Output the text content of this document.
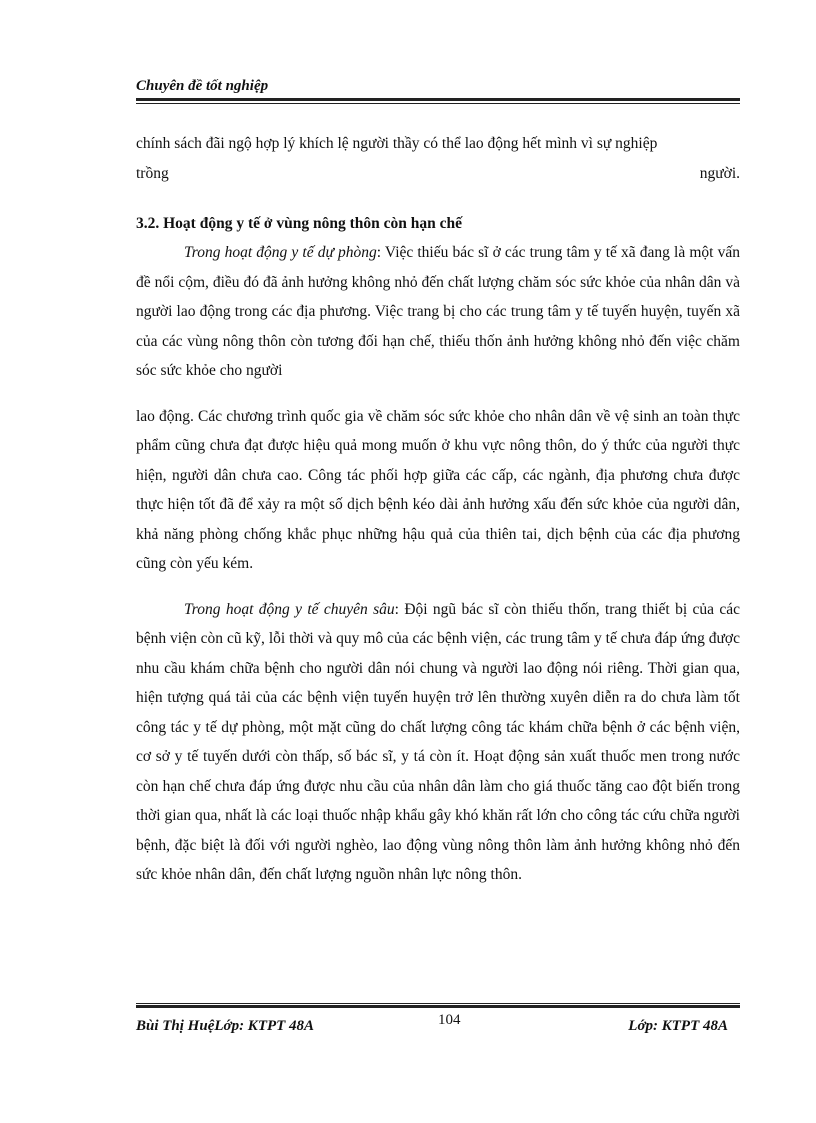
Chuyên đề tốt nghiệp

chính sách đãi ngộ hợp lý khích lệ người thầy có thể lao động hết mình vì sự nghiệp

trồng	người.
3.2. Hoạt động y tế ở vùng nông thôn còn hạn chế

Trong hoạt động y tế dự phòng: Việc thiếu bác sĩ ở các trung tâm y tế xã đang là một vấn đề nổi cộm, điều đó đã ảnh hưởng không nhỏ đến chất lượng chăm sóc sức khỏe của nhân dân và người lao động trong các địa phương. Việc trang bị cho các trung tâm y tế tuyến huyện, tuyến xã của các vùng nông thôn còn tương đối hạn chế, thiếu thốn ảnh hưởng không nhỏ đến việc chăm sóc sức khỏe cho người

lao động. Các chương trình quốc gia về chăm sóc sức khỏe cho nhân dân về vệ sinh an toàn thực phẩm cũng chưa đạt được hiệu quả mong muốn ở khu vực nông thôn, do ý thức của người thực hiện, người dân chưa cao. Công tác phối hợp giữa các cấp, các ngành, địa phương chưa được thực hiện tốt đã để xảy ra một số dịch bệnh kéo dài ảnh hưởng xấu đến sức khỏe của người dân, khả năng phòng chống khắc phục những hậu quả của thiên tai, dịch bệnh của các địa phương cũng còn yếu kém.

Trong hoạt động y tế chuyên sâu: Đội ngũ bác sĩ còn thiếu thốn, trang thiết bị của các bệnh viện còn cũ kỹ, lỗi thời và quy mô của các bệnh viện, các trung tâm y tế chưa đáp ứng được nhu cầu khám chữa bệnh cho người dân nói chung và người lao động nói riêng. Thời gian qua, hiện tượng quá tải của các bệnh viện tuyến huyện trở lên thường xuyên diễn ra do chưa làm tốt công tác y tế dự phòng, một mặt cũng do chất lượng công tác khám chữa bệnh ở các bệnh viện, cơ sở y tế tuyến dưới còn thấp, số bác sĩ, y tá còn ít. Hoạt động sản xuất thuốc men trong nước còn hạn chế chưa đáp ứng được nhu cầu của nhân dân làm cho giá thuốc tăng cao đột biến trong thời gian qua, nhất là các loại thuốc nhập khẩu gây khó khăn rất lớn cho công tác cứu chữa người bệnh, đặc biệt là đối với người nghèo, lao động vùng nông thôn làm ảnh hưởng không nhỏ đến sức khỏe nhân dân, đến chất lượng nguồn nhân lực nông thôn.

Bùi Thị HuệLớp: KTPT 48A	104	Lớp: KTPT 48A
